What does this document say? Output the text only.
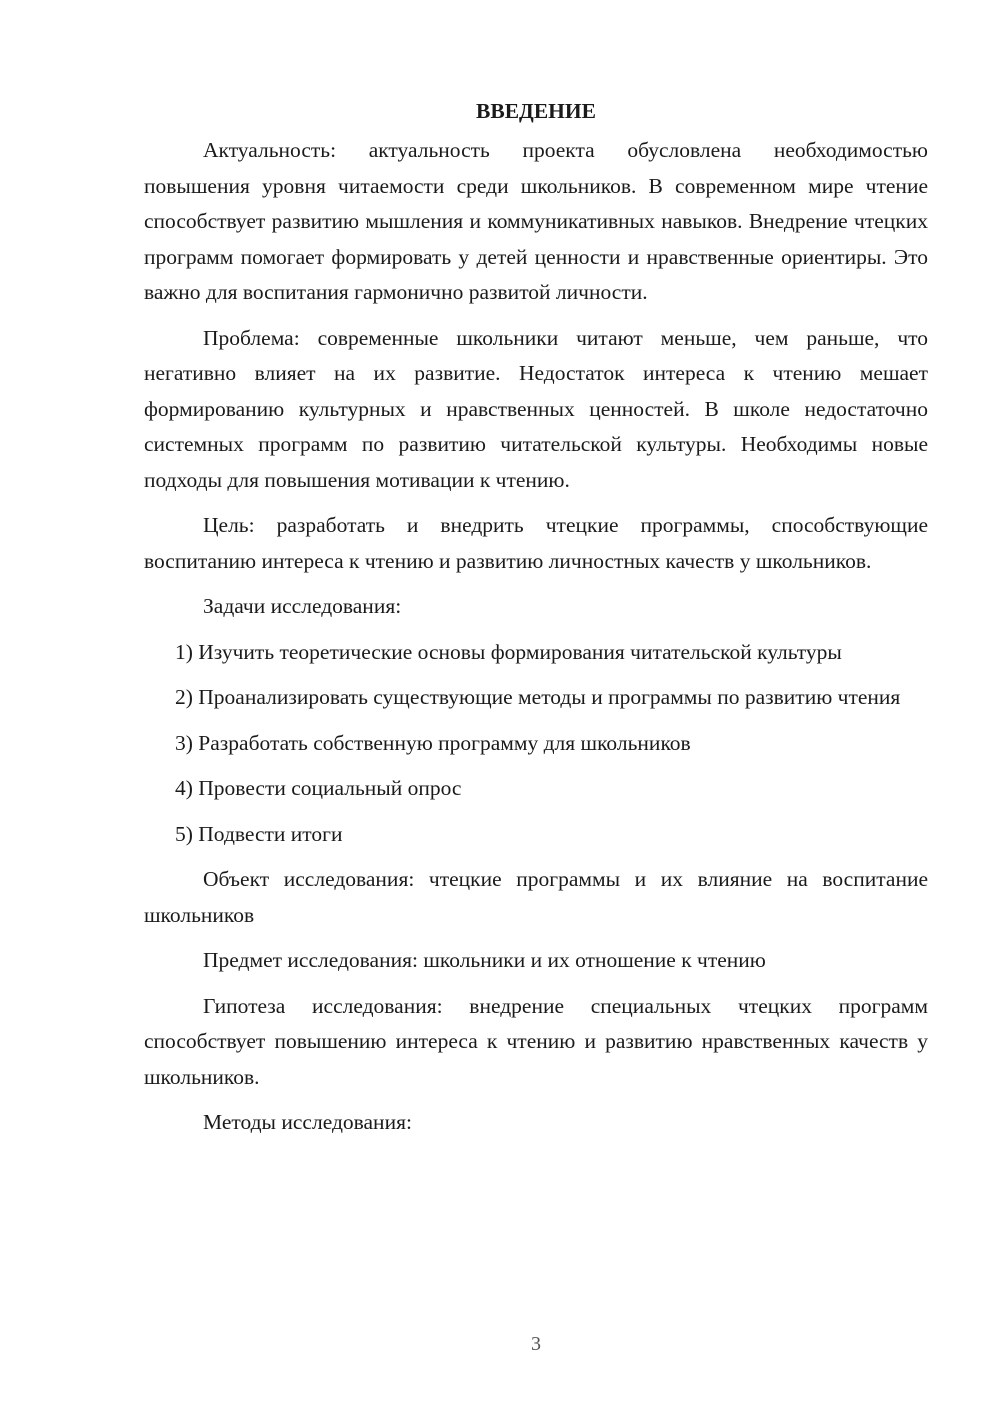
ВВЕДЕНИЕ

Актуальность: актуальность проекта обусловлена необходимостью повышения уровня читаемости среди школьников. В современном мире чтение способствует развитию мышления и коммуникативных навыков. Внедрение чтецких программ помогает формировать у детей ценности и нравственные ориентиры. Это важно для воспитания гармонично развитой личности.

Проблема: современные школьники читают меньше, чем раньше, что негативно влияет на их развитие. Недостаток интереса к чтению мешает формированию культурных и нравственных ценностей. В школе недостаточно системных программ по развитию читательской культуры. Необходимы новые подходы для повышения мотивации к чтению.

Цель: разработать и внедрить чтецкие программы, способствующие воспитанию интереса к чтению и развитию личностных качеств у школьников.

Задачи исследования:

1) Изучить теоретические основы формирования читательской культуры

2) Проанализировать существующие методы и программы по развитию чтения

3) Разработать собственную программу для школьников

4) Провести социальный опрос

5) Подвести итоги

Объект исследования: чтецкие программы и их влияние на воспитание школьников

Предмет исследования: школьники и их отношение к чтению

Гипотеза исследования: внедрение специальных чтецких программ способствует повышению интереса к чтению и развитию нравственных качеств у школьников.

Методы исследования:

3
